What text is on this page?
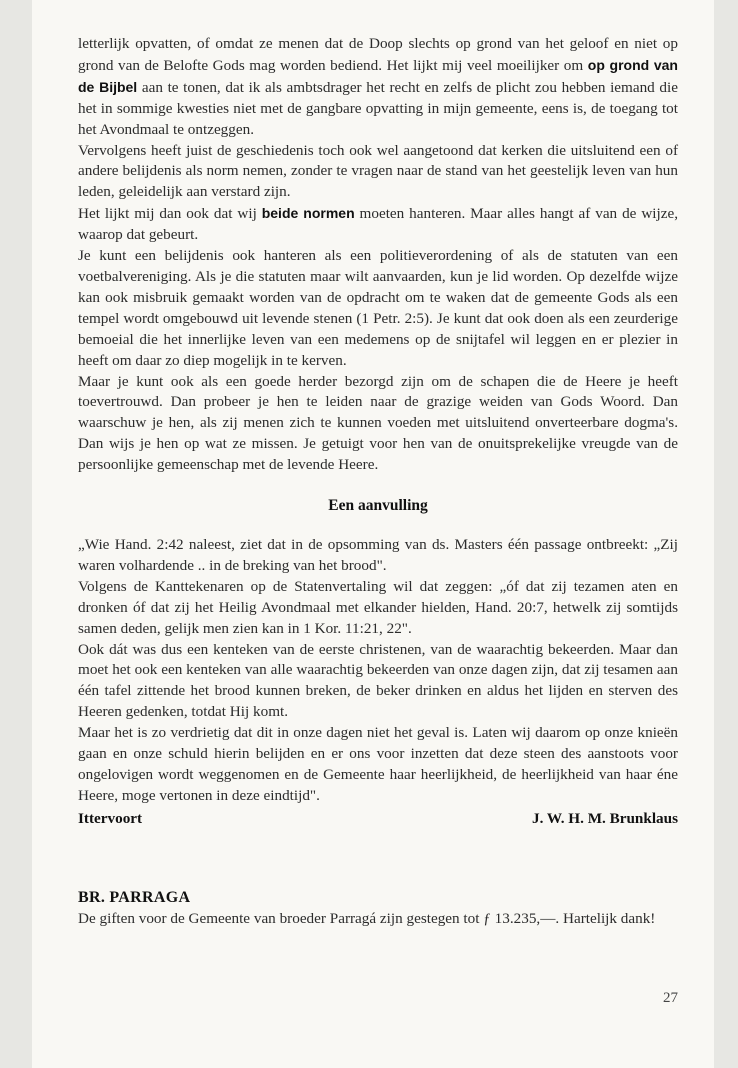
letterlijk opvatten, of omdat ze menen dat de Doop slechts op grond van het geloof en niet op grond van de Belofte Gods mag worden bediend. Het lijkt mij veel moeilijker om op grond van de Bijbel aan te tonen, dat ik als ambtsdrager het recht en zelfs de plicht zou hebben iemand die het in sommige kwesties niet met de gangbare opvatting in mijn gemeente, eens is, de toegang tot het Avondmaal te ontzeggen.

Vervolgens heeft juist de geschiedenis toch ook wel aangetoond dat kerken die uitsluitend een of andere belijdenis als norm nemen, zonder te vragen naar de stand van het geestelijk leven van hun leden, geleidelijk aan verstard zijn.

Het lijkt mij dan ook dat wij beide normen moeten hanteren. Maar alles hangt af van de wijze, waarop dat gebeurt.

Je kunt een belijdenis ook hanteren als een politieverordening of als de statuten van een voetbalvereniging. Als je die statuten maar wilt aanvaarden, kun je lid worden. Op dezelfde wijze kan ook misbruik gemaakt worden van de opdracht om te waken dat de gemeente Gods als een tempel wordt omgebouwd uit levende stenen (1 Petr. 2:5). Je kunt dat ook doen als een zeurderige bemoeial die het innerlijke leven van een medemens op de snijtafel wil leggen en er plezier in heeft om daar zo diep mogelijk in te kerven.

Maar je kunt ook als een goede herder bezorgd zijn om de schapen die de Heere je heeft toevertrouwd. Dan probeer je hen te leiden naar de grazige weiden van Gods Woord. Dan waarschuw je hen, als zij menen zich te kunnen voeden met uitsluitend onverteerbare dogma's. Dan wijs je hen op wat ze missen. Je getuigt voor hen van de onuitsprekelijke vreugde van de persoonlijke gemeenschap met de levende Heere.

Een aanvulling

„Wie Hand. 2:42 naleest, ziet dat in de opsomming van ds. Masters één passage ontbreekt: „Zij waren volhardende .. in de breking van het brood".

Volgens de Kanttekenaren op de Statenvertaling wil dat zeggen: „óf dat zij tezamen aten en dronken óf dat zij het Heilig Avondmaal met elkander hielden, Hand. 20:7, hetwelk zij somtijds samen deden, gelijk men zien kan in 1 Kor. 11:21, 22".

Ook dát was dus een kenteken van de eerste christenen, van de waarachtig bekeerden. Maar dan moet het ook een kenteken van alle waarachtig bekeerden van onze dagen zijn, dat zij tesamen aan één tafel zittende het brood kunnen breken, de beker drinken en aldus het lijden en sterven des Heeren gedenken, totdat Hij komt.

Maar het is zo verdrietig dat dit in onze dagen niet het geval is. Laten wij daarom op onze knieën gaan en onze schuld hierin belijden en er ons voor inzetten dat deze steen des aanstoots voor ongelovigen wordt weggenomen en de Gemeente haar heerlijkheid, de heerlijkheid van haar éne Heere, moge vertonen in deze eindtijd".

Ittervoort	J. W. H. M. Brunklaus
BR. PARRAGA

De giften voor de Gemeente van broeder Parragá zijn gestegen tot ƒ 13.235,—. Hartelijk dank!

27
